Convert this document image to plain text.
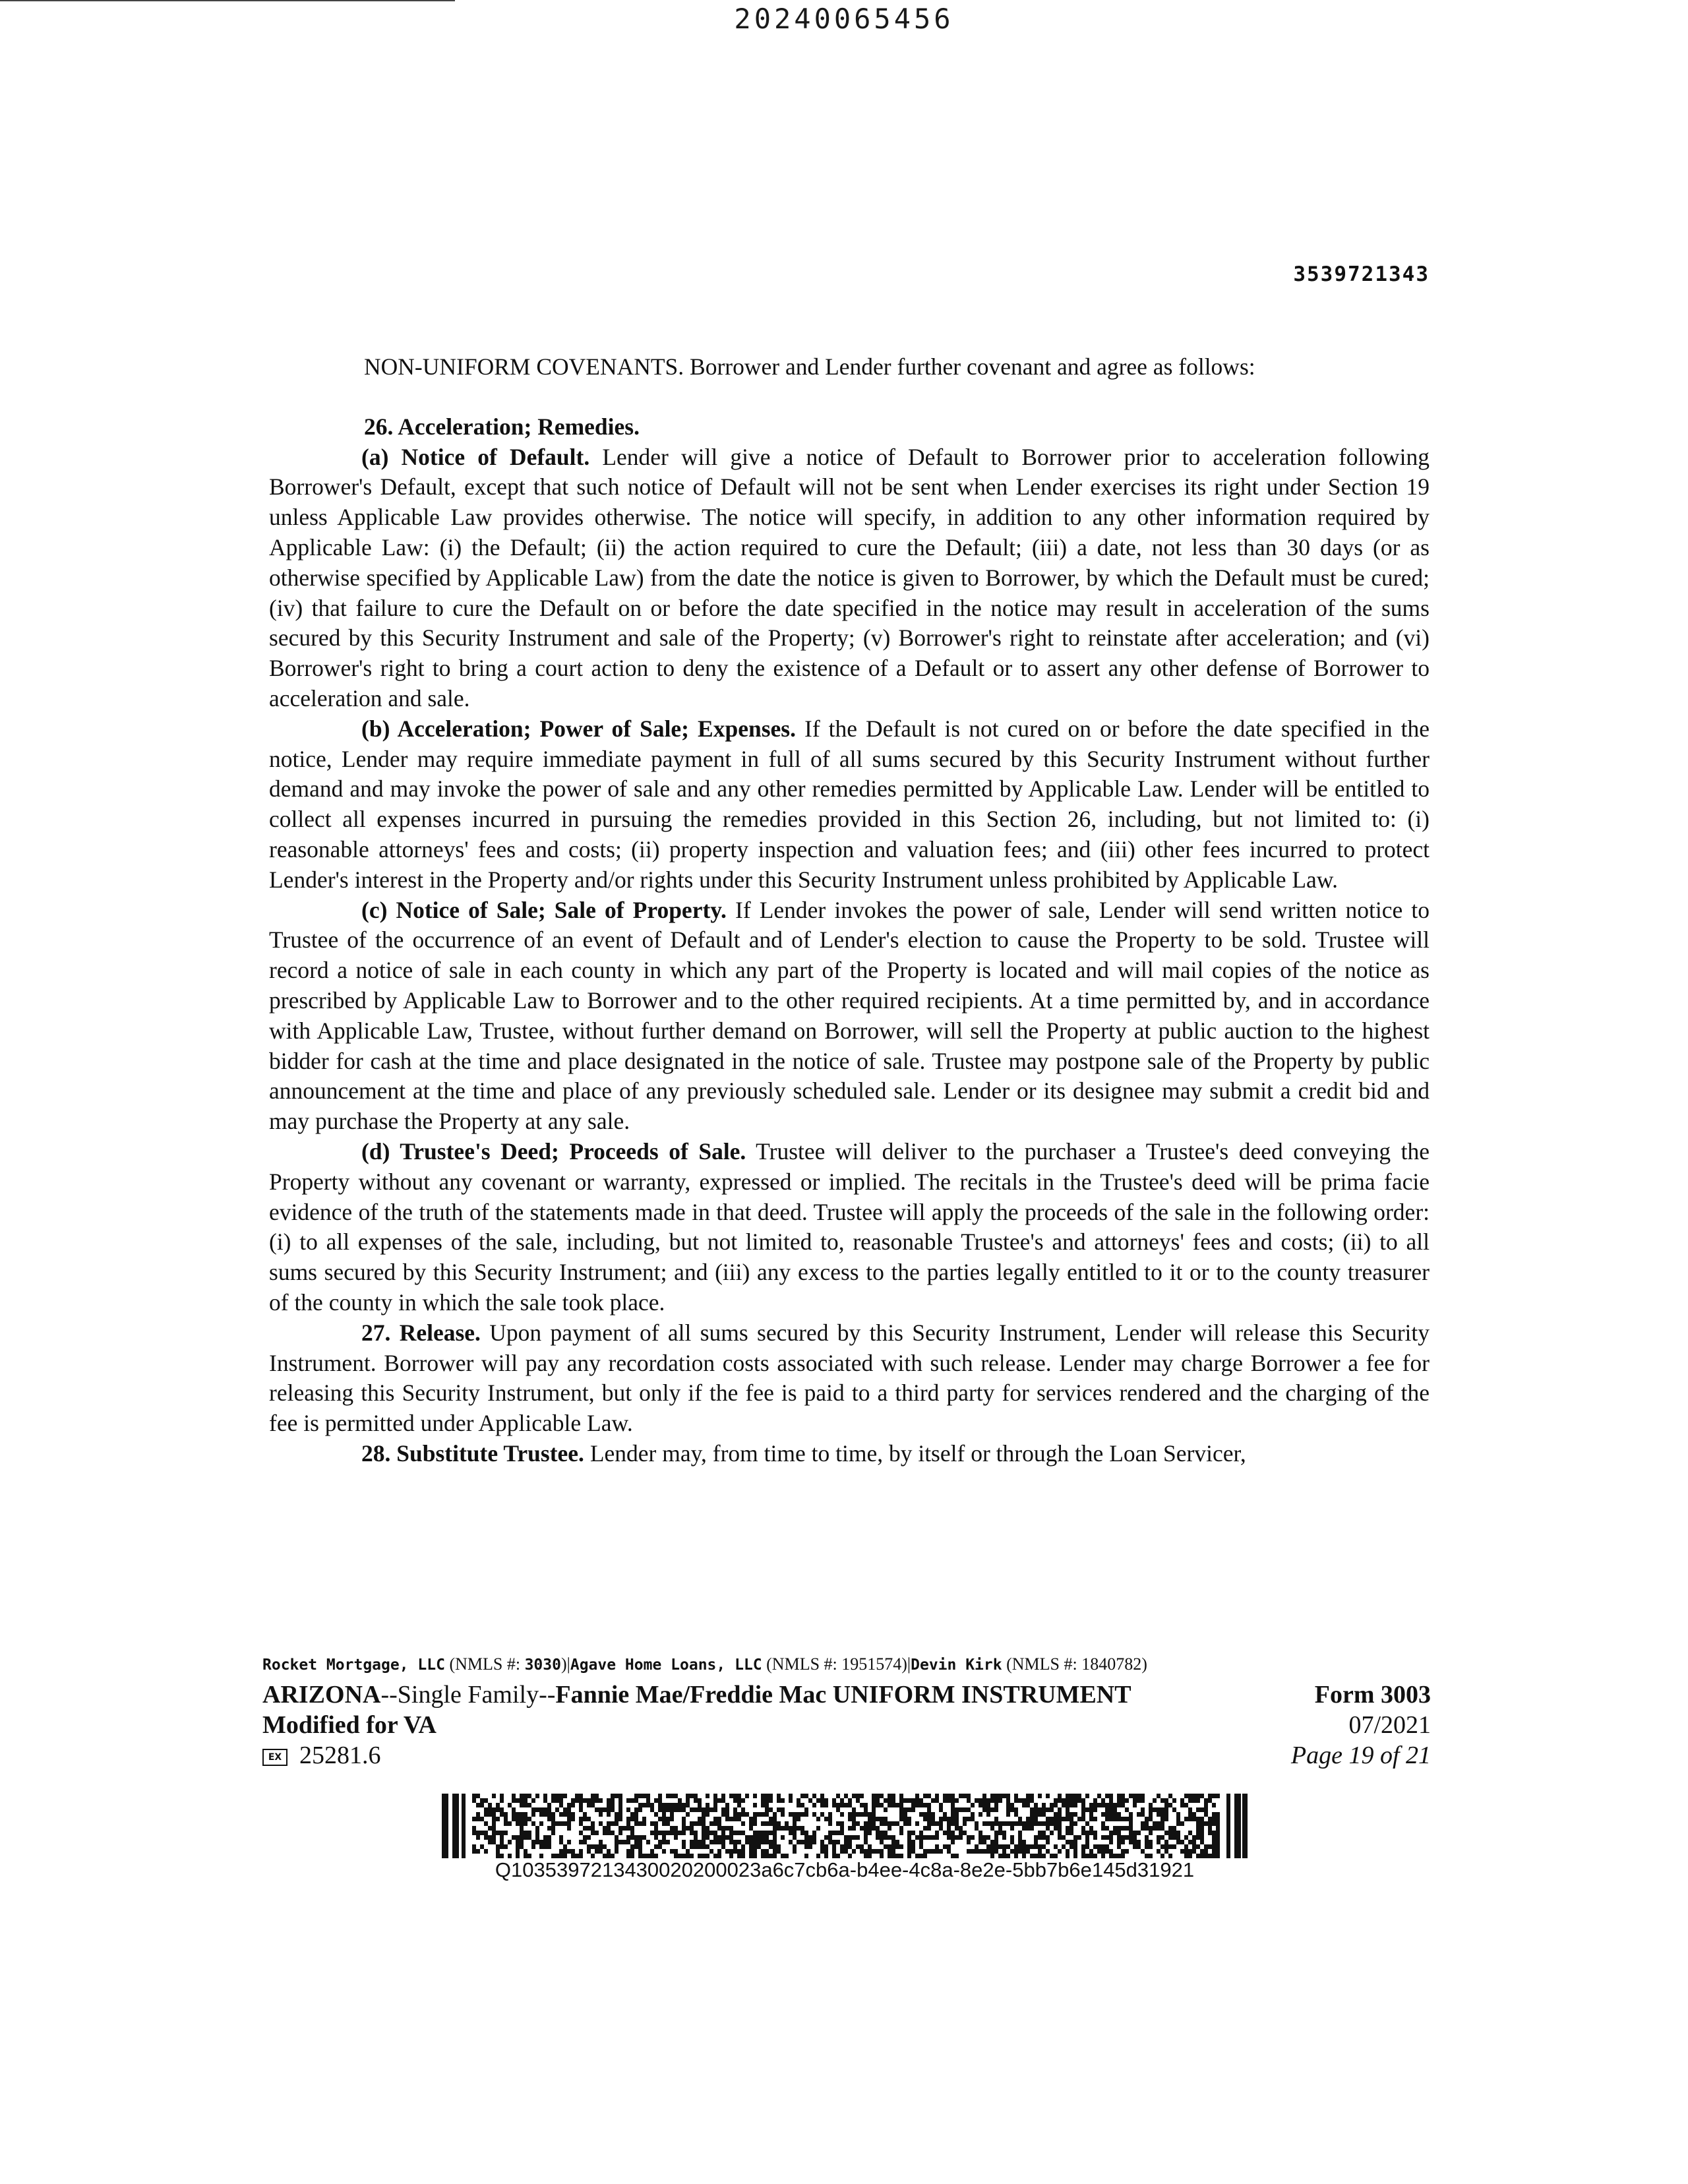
20240065456
3539721343

NON-UNIFORM COVENANTS. Borrower and Lender further covenant and agree as follows:

26. Acceleration; Remedies.

(a) Notice of Default. Lender will give a notice of Default to Borrower prior to acceleration following Borrower's Default, except that such notice of Default will not be sent when Lender exercises its right under Section 19 unless Applicable Law provides otherwise. The notice will specify, in addition to any other information required by Applicable Law: (i) the Default; (ii) the action required to cure the Default; (iii) a date, not less than 30 days (or as otherwise specified by Applicable Law) from the date the notice is given to Borrower, by which the Default must be cured; (iv) that failure to cure the Default on or before the date specified in the notice may result in acceleration of the sums secured by this Security Instrument and sale of the Property; (v) Borrower's right to reinstate after acceleration; and (vi) Borrower's right to bring a court action to deny the existence of a Default or to assert any other defense of Borrower to acceleration and sale.

(b) Acceleration; Power of Sale; Expenses. If the Default is not cured on or before the date specified in the notice, Lender may require immediate payment in full of all sums secured by this Security Instrument without further demand and may invoke the power of sale and any other remedies permitted by Applicable Law. Lender will be entitled to collect all expenses incurred in pursuing the remedies provided in this Section 26, including, but not limited to: (i) reasonable attorneys' fees and costs; (ii) property inspection and valuation fees; and (iii) other fees incurred to protect Lender's interest in the Property and/or rights under this Security Instrument unless prohibited by Applicable Law.

(c) Notice of Sale; Sale of Property. If Lender invokes the power of sale, Lender will send written notice to Trustee of the occurrence of an event of Default and of Lender's election to cause the Property to be sold. Trustee will record a notice of sale in each county in which any part of the Property is located and will mail copies of the notice as prescribed by Applicable Law to Borrower and to the other required recipients. At a time permitted by, and in accordance with Applicable Law, Trustee, without further demand on Borrower, will sell the Property at public auction to the highest bidder for cash at the time and place designated in the notice of sale. Trustee may postpone sale of the Property by public announcement at the time and place of any previously scheduled sale. Lender or its designee may submit a credit bid and may purchase the Property at any sale.

(d) Trustee's Deed; Proceeds of Sale. Trustee will deliver to the purchaser a Trustee's deed conveying the Property without any covenant or warranty, expressed or implied. The recitals in the Trustee's deed will be prima facie evidence of the truth of the statements made in that deed. Trustee will apply the proceeds of the sale in the following order: (i) to all expenses of the sale, including, but not limited to, reasonable Trustee's and attorneys' fees and costs; (ii) to all sums secured by this Security Instrument; and (iii) any excess to the parties legally entitled to it or to the county treasurer of the county in which the sale took place.

27. Release. Upon payment of all sums secured by this Security Instrument, Lender will release this Security Instrument. Borrower will pay any recordation costs associated with such release. Lender may charge Borrower a fee for releasing this Security Instrument, but only if the fee is paid to a third party for services rendered and the charging of the fee is permitted under Applicable Law.

28. Substitute Trustee. Lender may, from time to time, by itself or through the Loan Servicer,

Rocket Mortgage, LLC (NMLS #: 3030)|Agave Home Loans, LLC (NMLS #: 1951574)|Devin Kirk (NMLS #: 1840782)
ARIZONA--Single Family--Fannie Mae/Freddie Mac UNIFORM INSTRUMENT
Modified for VA
EX 25281.6
Form 3003
07/2021
Page 19 of 21
Q1035397213430020200023a6c7cb6a-b4ee-4c8a-8e2e-5bb7b6e145d31921
